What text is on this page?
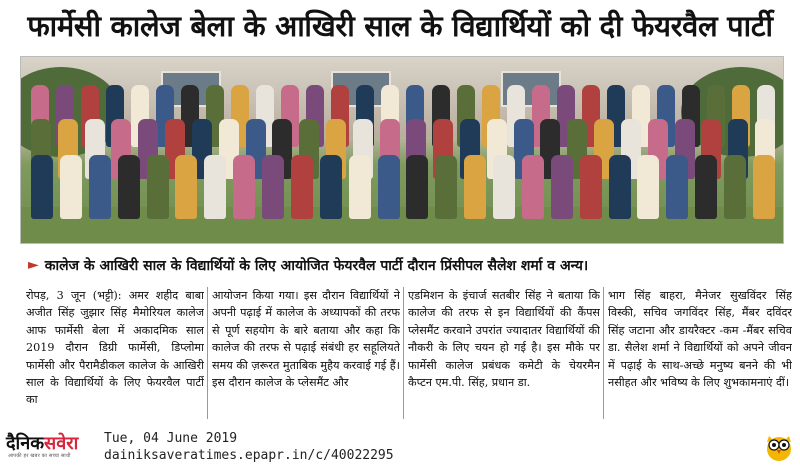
फार्मेसी कालेज बेला के आखिरी साल के विद्यार्थियों को दी फेयरवैल पार्टी
► कालेज के आखिरी साल के विद्यार्थियों के लिए आयोजित फेयरवैल पार्टी दौरान प्रिंसीपल सैलेश शर्मा व अन्य।
रोपड़, 3 जून (भट्टी): अमर शहीद बाबा अजीत सिंह जुझार सिंह मैमोरियल कालेज आफ फार्मेसी बेला में अकादमिक साल 2019 दौरान डिग्री फार्मेसी, डिप्लोमा फार्मेसी और पैरामैडीकल कालेज के आखिरी साल के विद्यार्थियों के लिए फेयरवैल पार्टी का
आयोजन किया गया। इस दौरान विद्यार्थियों ने अपनी पढ़ाई में कालेज के अध्यापकों की तरफ से पूर्ण सहयोग के बारे बताया और कहा कि कालेज की तरफ से पढ़ाई संबंधी हर सहूलियते समय की ज़रूरत मुताबिक मुहैय करवाई गई हैं। इस दौरान कालेज के प्लेसमैंट और
एडमिशन के इंचार्ज सतबीर सिंह ने बताया कि कालेज की तरफ से इन विद्यार्थियों की कैंपस प्लेसमैंट करवाने उपरांत ज्यादातर विद्यार्थियों की नौकरी के लिए चयन हो गई है। इस मौके पर फार्मेसी कालेज प्रबंधक कमेटी के चेयरमैन कैप्टन एम.पी. सिंह, प्रधान डा.
भाग सिंह बाहरा, मैनेजर सुखविंदर सिंह विस्की, सचिव जगविंदर सिंह, मैंबर दविंदर सिंह जटाना और डायरैक्टर -कम -मैंबर सचिव डा. सैलेश शर्मा ने विद्यार्थियों को अपने जीवन में पढ़ाई के साथ-अच्छे मनुष्य बनने की भी नसीहत और भविष्य के लिए शुभकामनाएं दीं।
दैनिकसवेरा
आपकी हर खबर का सच्चा साथी
Tue, 04 June 2019
dainiksaveratimes.epapr.in/c/40022295
